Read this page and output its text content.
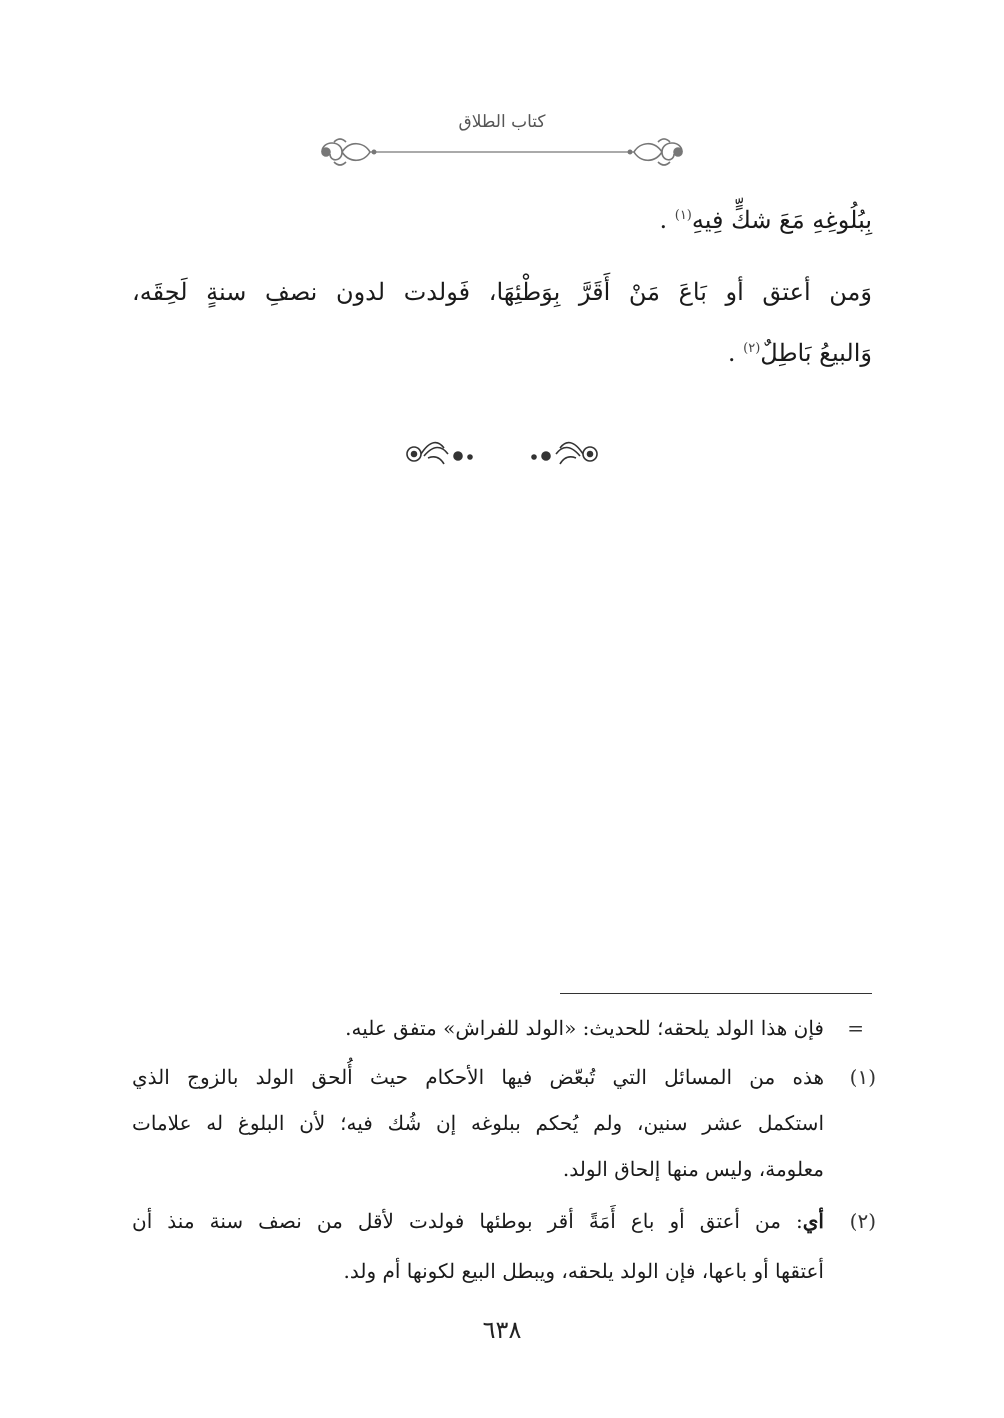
كتاب الطلاق
بِبُلُوغِهِ مَعَ شكٍّ فِيهِ$^{(١)}$ .
وَمن أعتق أو بَاعَ مَنْ أَقَرَّ بِوَطْئِهَا، فَولدت لدون نصفِ سنةٍ لَحِقَه،
وَالبيعُ بَاطِلٌ$^{(٢)}$ .
=
فإن هذا الولد يلحقه؛ للحديث: «الولد للفراش» متفق عليه.
(١)
هذه من المسائل التي تُبعّض فيها الأحكام حيث أُلحق الولد بالزوج الذي
استكمل عشر سنين، ولم يُحكم ببلوغه إن شُك فيه؛ لأن البلوغ له علامات
معلومة، وليس منها إلحاق الولد.
(٢)
أي: من أعتق أو باع أَمَةً أقر بوطئها فولدت لأقل من نصف سنة منذ أن
أعتقها أو باعها، فإن الولد يلحقه، ويبطل البيع لكونها أم ولد.
٦٣٨
